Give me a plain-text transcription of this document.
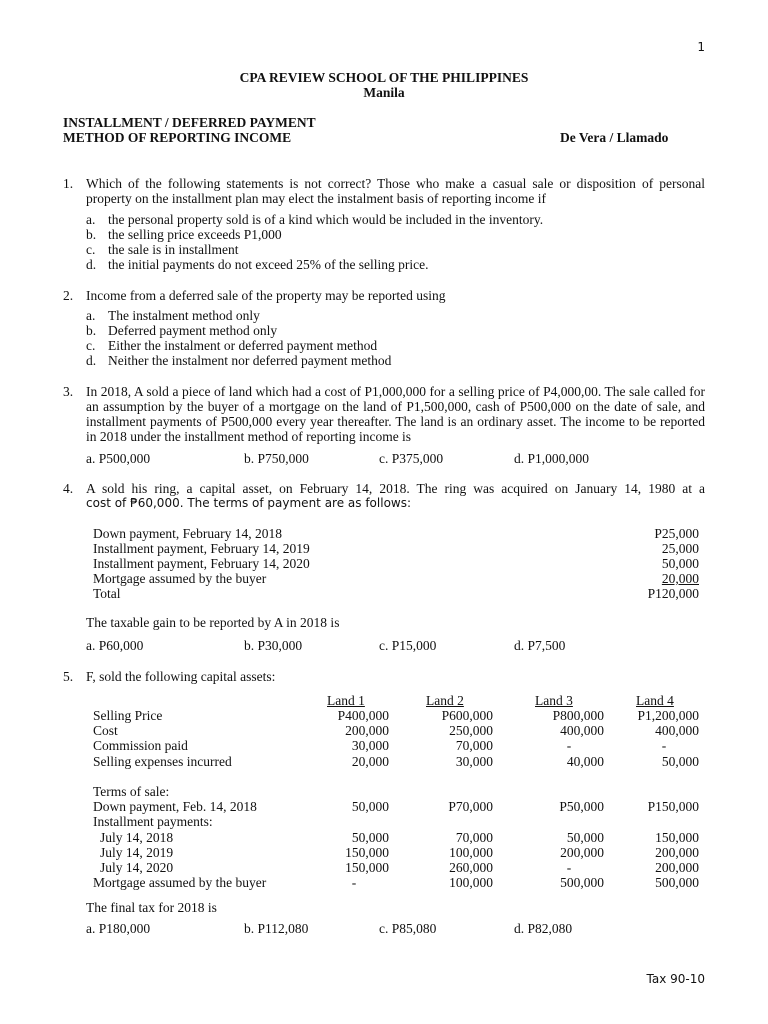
1
CPA REVIEW SCHOOL OF THE PHILIPPINES
Manila
INSTALLMENT / DEFERRED PAYMENT
METHOD OF REPORTING INCOME	De Vera / Llamado
1. Which of the following statements is not correct? Those who make a casual sale or disposition of personal property on the installment plan may elect the instalment basis of reporting income if
a. the personal property sold is of a kind which would be included in the inventory.
b. the selling price exceeds P1,000
c. the sale is in installment
d. the initial payments do not exceed 25% of the selling price.
2. Income from a deferred sale of the property may be reported using
a. The instalment method only
b. Deferred payment method only
c. Either the instalment or deferred payment method
d. Neither the instalment nor deferred payment method
3. In 2018, A sold a piece of land which had a cost of P1,000,000 for a selling price of P4,000,00. The sale called for an assumption by the buyer of a mortgage on the land of P1,500,000, cash of P500,000 on the date of sale, and installment payments of P500,000 every year thereafter. The land is an ordinary asset. The income to be reported in 2018 under the installment method of reporting income is
a. P500,000	b. P750,000	c. P375,000	d. P1,000,000
4. A sold his ring, a capital asset, on February 14, 2018. The ring was acquired on January 14, 1980 at a
cost of ₱60,000. The terms of payment are as follows:
Down payment, February 14, 2018	P25,000
Installment payment, February 14, 2019	25,000
Installment payment, February 14, 2020	50,000
Mortgage assumed by the buyer	20,000
Total	P120,000
The taxable gain to be reported by A in 2018 is
a. P60,000	b. P30,000	c. P15,000	d. P7,500
5. F, sold the following capital assets:
Land 1	Land 2	Land 3	Land 4
Selling Price	P400,000	P600,000	P800,000	P1,200,000
Cost	200,000	250,000	400,000	400,000
Commission paid	30,000	70,000	-	-
Selling expenses incurred	20,000	30,000	40,000	50,000
Terms of sale:
Down payment, Feb. 14, 2018	50,000	P70,000	P50,000	P150,000
Installment payments:
July 14, 2018	50,000	70,000	50,000	150,000
July 14, 2019	150,000	100,000	200,000	200,000
July 14, 2020	150,000	260,000	-	200,000
Mortgage assumed by the buyer	-	100,000	500,000	500,000
The final tax for 2018 is
a. P180,000	b. P112,080	c. P85,080	d. P82,080
Tax 90-10
